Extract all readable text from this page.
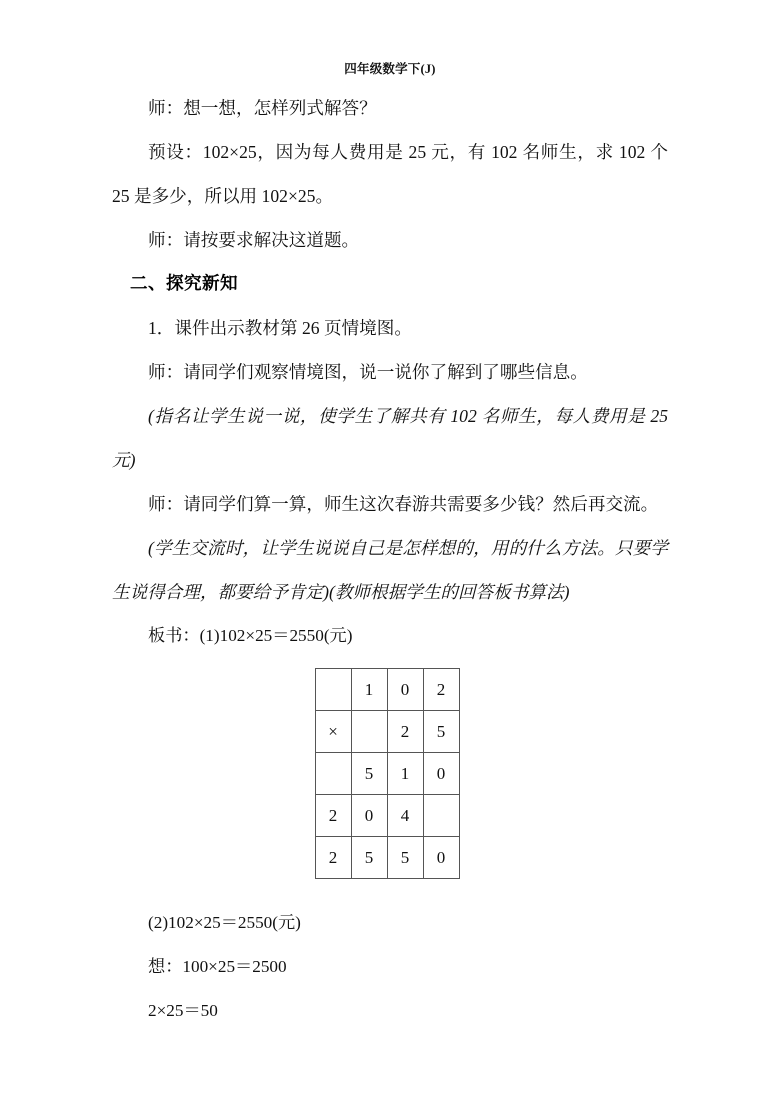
四年级数学下(J)

师：想一想，怎样列式解答？

预设：102×25，因为每人费用是 25 元，有 102 名师生，求 102 个 25 是多少，所以用 102×25。

师：请按要求解决这道题。

二、探究新知

1．课件出示教材第 26 页情境图。

师：请同学们观察情境图，说一说你了解到了哪些信息。

(指名让学生说一说，使学生了解共有 102 名师生，每人费用是 25 元)

师：请同学们算一算，师生这次春游共需要多少钱？然后再交流。

(学生交流时，让学生说说自己是怎样想的，用的什么方法。只要学生说得合理，都要给予肯定)(教师根据学生的回答板书算法)

板书：(1)102×25＝2550(元)

	1	0	2
×		2	5
	5	1	0
2	0	4	
2	5	5	0

(2)102×25＝2550(元)

想：100×25＝2500

2×25＝50
